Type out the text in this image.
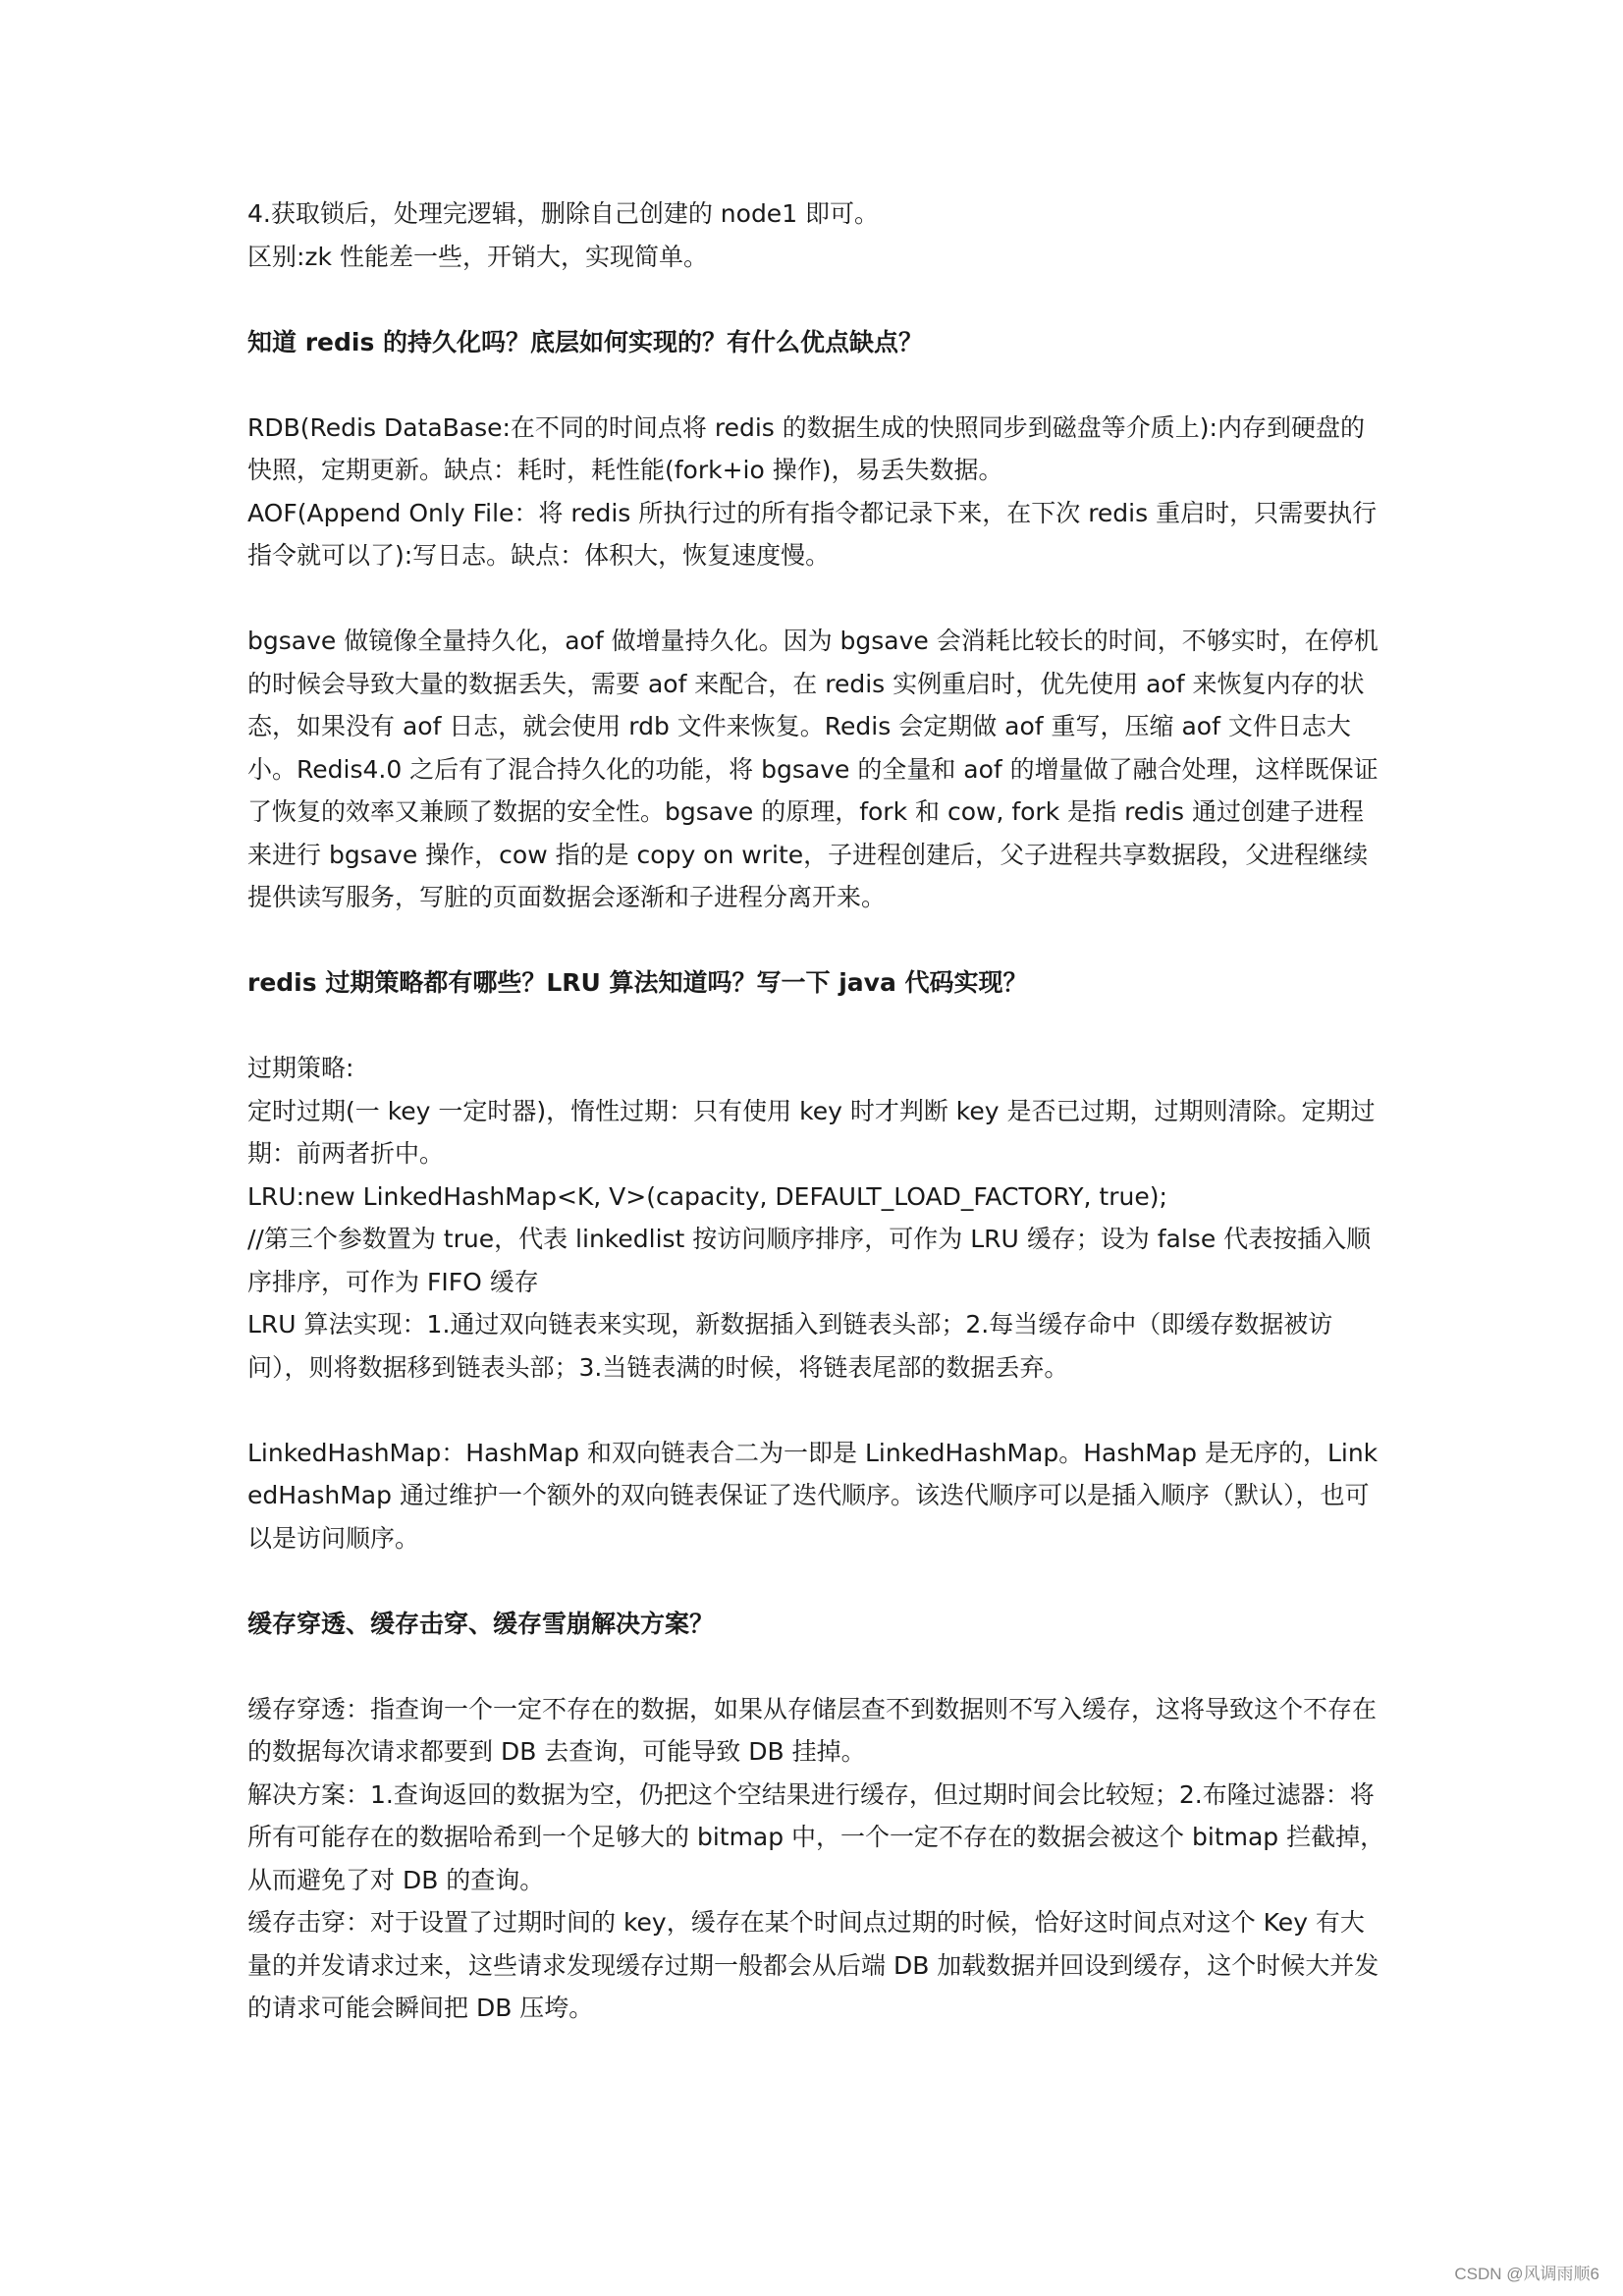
4.获取锁后，处理完逻辑，删除自己创建的 node1 即可。

区别:zk 性能差一些，开销大，实现简单。

知道 redis 的持久化吗？底层如何实现的？有什么优点缺点？

RDB(Redis DataBase:在不同的时间点将 redis 的数据生成的快照同步到磁盘等介质上):内存到硬盘的快照，定期更新。缺点：耗时，耗性能(fork+io 操作)，易丢失数据。

AOF(Append Only File：将 redis 所执行过的所有指令都记录下来，在下次 redis 重启时，只需要执行指令就可以了):写日志。缺点：体积大，恢复速度慢。

bgsave 做镜像全量持久化，aof 做增量持久化。因为 bgsave 会消耗比较长的时间，不够实时，在停机的时候会导致大量的数据丢失，需要 aof 来配合，在 redis 实例重启时，优先使用 aof 来恢复内存的状态，如果没有 aof 日志，就会使用 rdb 文件来恢复。Redis 会定期做 aof 重写，压缩 aof 文件日志大小。Redis4.0 之后有了混合持久化的功能，将 bgsave 的全量和 aof 的增量做了融合处理，这样既保证了恢复的效率又兼顾了数据的安全性。bgsave 的原理，fork 和 cow, fork 是指 redis 通过创建子进程来进行 bgsave 操作，cow 指的是 copy on write，子进程创建后，父子进程共享数据段，父进程继续提供读写服务，写脏的页面数据会逐渐和子进程分离开来。

redis 过期策略都有哪些？LRU 算法知道吗？写一下 java 代码实现？

过期策略:

定时过期(一 key 一定时器)，惰性过期：只有使用 key 时才判断 key 是否已过期，过期则清除。定期过期：前两者折中。

LRU:new LinkedHashMap<K, V>(capacity, DEFAULT_LOAD_FACTORY, true);

//第三个参数置为 true，代表 linkedlist 按访问顺序排序，可作为 LRU 缓存；设为 false 代表按插入顺序排序，可作为 FIFO 缓存

LRU 算法实现：1.通过双向链表来实现，新数据插入到链表头部；2.每当缓存命中（即缓存数据被访问），则将数据移到链表头部；3.当链表满的时候，将链表尾部的数据丢弃。

LinkedHashMap：HashMap 和双向链表合二为一即是 LinkedHashMap。HashMap 是无序的，LinkedHashMap 通过维护一个额外的双向链表保证了迭代顺序。该迭代顺序可以是插入顺序（默认），也可以是访问顺序。

缓存穿透、缓存击穿、缓存雪崩解决方案？

缓存穿透：指查询一个一定不存在的数据，如果从存储层查不到数据则不写入缓存，这将导致这个不存在的数据每次请求都要到 DB 去查询，可能导致 DB 挂掉。

解决方案：1.查询返回的数据为空，仍把这个空结果进行缓存，但过期时间会比较短；2.布隆过滤器：将所有可能存在的数据哈希到一个足够大的 bitmap 中，一个一定不存在的数据会被这个 bitmap 拦截掉，从而避免了对 DB 的查询。

缓存击穿：对于设置了过期时间的 key，缓存在某个时间点过期的时候，恰好这时间点对这个 Key 有大量的并发请求过来，这些请求发现缓存过期一般都会从后端 DB 加载数据并回设到缓存，这个时候大并发的请求可能会瞬间把 DB 压垮。

CSDN @风调雨顺6
